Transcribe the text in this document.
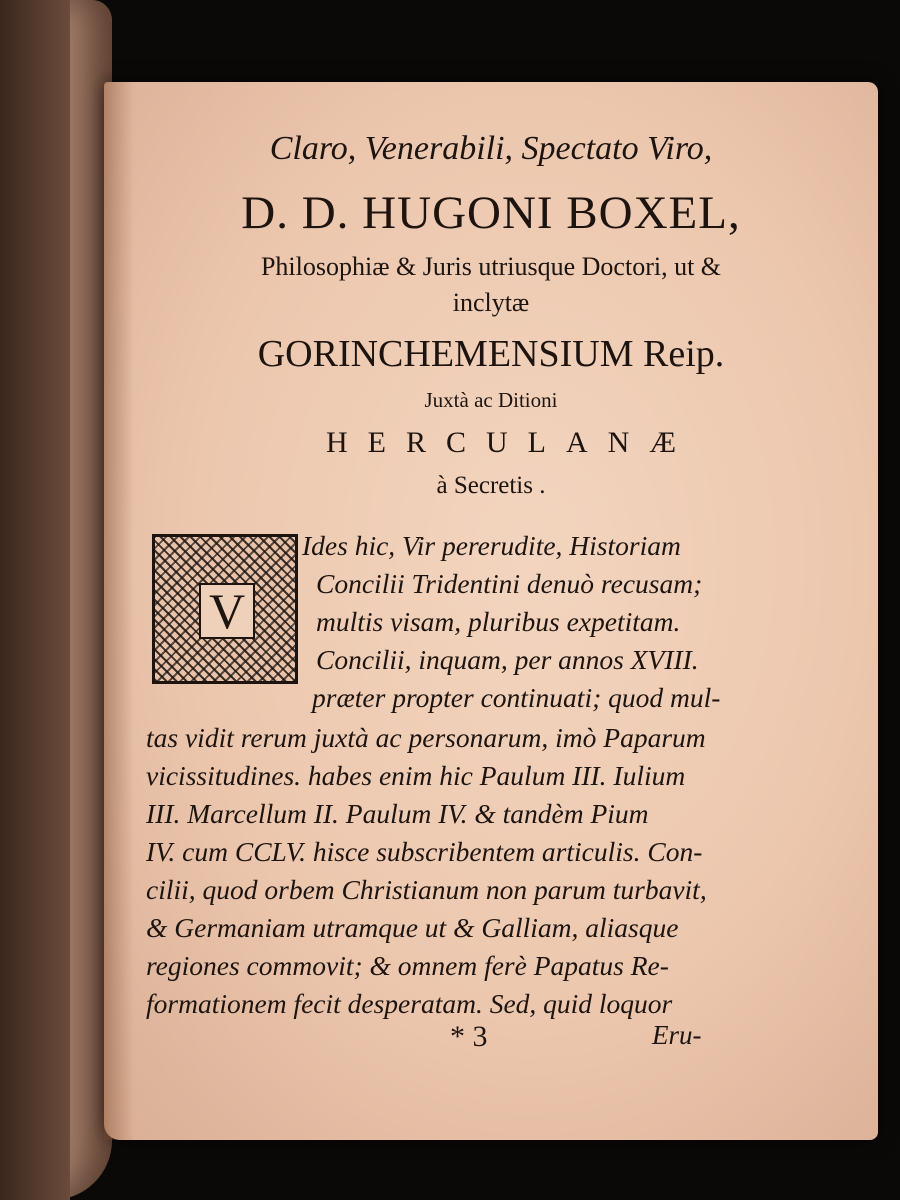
Claro, Venerabili, Spectato Viro,
D. D. HUGONI BOXEL,
Philosophiæ & Juris utriusque Doctori, ut &
inclytæ
GORINCHEMENSIUM Reip.
Juxtà ac Ditioni
HERCULANÆ
à Secretis .
V
Ides hic, Vir pererudite, Historiam
Concilii Tridentini denuò recusam;
multis visam, pluribus expetitam.
Concilii, inquam, per annos XVIII.
præter propter continuati; quod mul-
tas vidit rerum juxtà ac personarum, imò Paparum
vicissitudines. habes enim hic Paulum III. Iulium
III. Marcellum II. Paulum IV. & tandèm Pium
IV. cum CCLV. hisce subscribentem articulis. Con-
cilii, quod orbem Christianum non parum turbavit,
& Germaniam utramque ut & Galliam, aliasque
regiones commovit; & omnem ferè Papatus Re-
formationem fecit desperatam. Sed, quid loquor
* 3	Eru-
